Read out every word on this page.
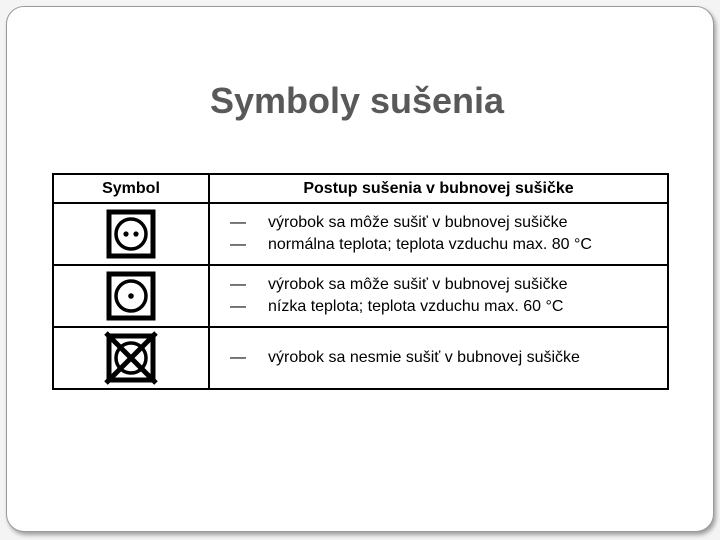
Symboly sušenia
Symbol	Postup sušenia v bubnovej sušičke

— výrobok sa môže sušiť v bubnovej sušičke
— normálna teplota; teplota vzduchu max. 80 °C

— výrobok sa môže sušiť v bubnovej sušičke
— nízka teplota; teplota vzduchu max. 60 °C

— výrobok sa nesmie sušiť v bubnovej sušičke
